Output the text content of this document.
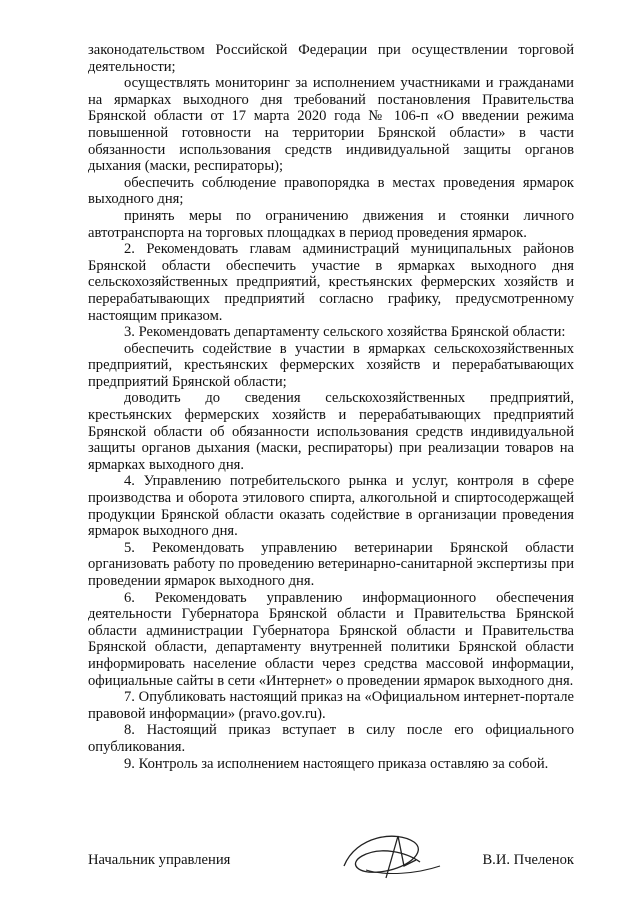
законодательством Российской Федерации при осуществлении торговой деятельности;

осуществлять мониторинг за исполнением участниками и гражданами на ярмарках выходного дня требований постановления Правительства Брянской области от 17 марта 2020 года № 106-п «О введении режима повышенной готовности на территории Брянской области» в части обязанности использования средств индивидуальной защиты органов дыхания (маски, респираторы);

обеспечить соблюдение правопорядка в местах проведения ярмарок выходного дня;

принять меры по ограничению движения и стоянки личного автотранспорта на торговых площадках в период проведения ярмарок.

2. Рекомендовать главам администраций муниципальных районов Брянской области обеспечить участие в ярмарках выходного дня сельскохозяйственных предприятий, крестьянских фермерских хозяйств и перерабатывающих предприятий согласно графику, предусмотренному настоящим приказом.

3. Рекомендовать департаменту сельского хозяйства Брянской области:

обеспечить содействие в участии в ярмарках сельскохозяйственных предприятий, крестьянских фермерских хозяйств и перерабатывающих предприятий Брянской области;

доводить до сведения сельскохозяйственных предприятий, крестьянских фермерских хозяйств и перерабатывающих предприятий Брянской области об обязанности использования средств индивидуальной защиты органов дыхания (маски, респираторы) при реализации товаров на ярмарках выходного дня.

4. Управлению потребительского рынка и услуг, контроля в сфере производства и оборота этилового спирта, алкогольной и спиртосодержащей продукции Брянской области оказать содействие в организации проведения ярмарок выходного дня.

5. Рекомендовать управлению ветеринарии Брянской области организовать работу по проведению ветеринарно-санитарной экспертизы при проведении ярмарок выходного дня.

6. Рекомендовать управлению информационного обеспечения деятельности Губернатора Брянской области и Правительства Брянской области администрации Губернатора Брянской области и Правительства Брянской области, департаменту внутренней политики Брянской области информировать население области через средства массовой информации, официальные сайты в сети «Интернет» о проведении ярмарок выходного дня.

7. Опубликовать настоящий приказ на «Официальном интернет-портале правовой информации» (pravo.gov.ru).

8. Настоящий приказ вступает в силу после его официального опубликования.

9. Контроль за исполнением настоящего приказа оставляю за собой.

Начальник управления	В.И. Пчеленок
